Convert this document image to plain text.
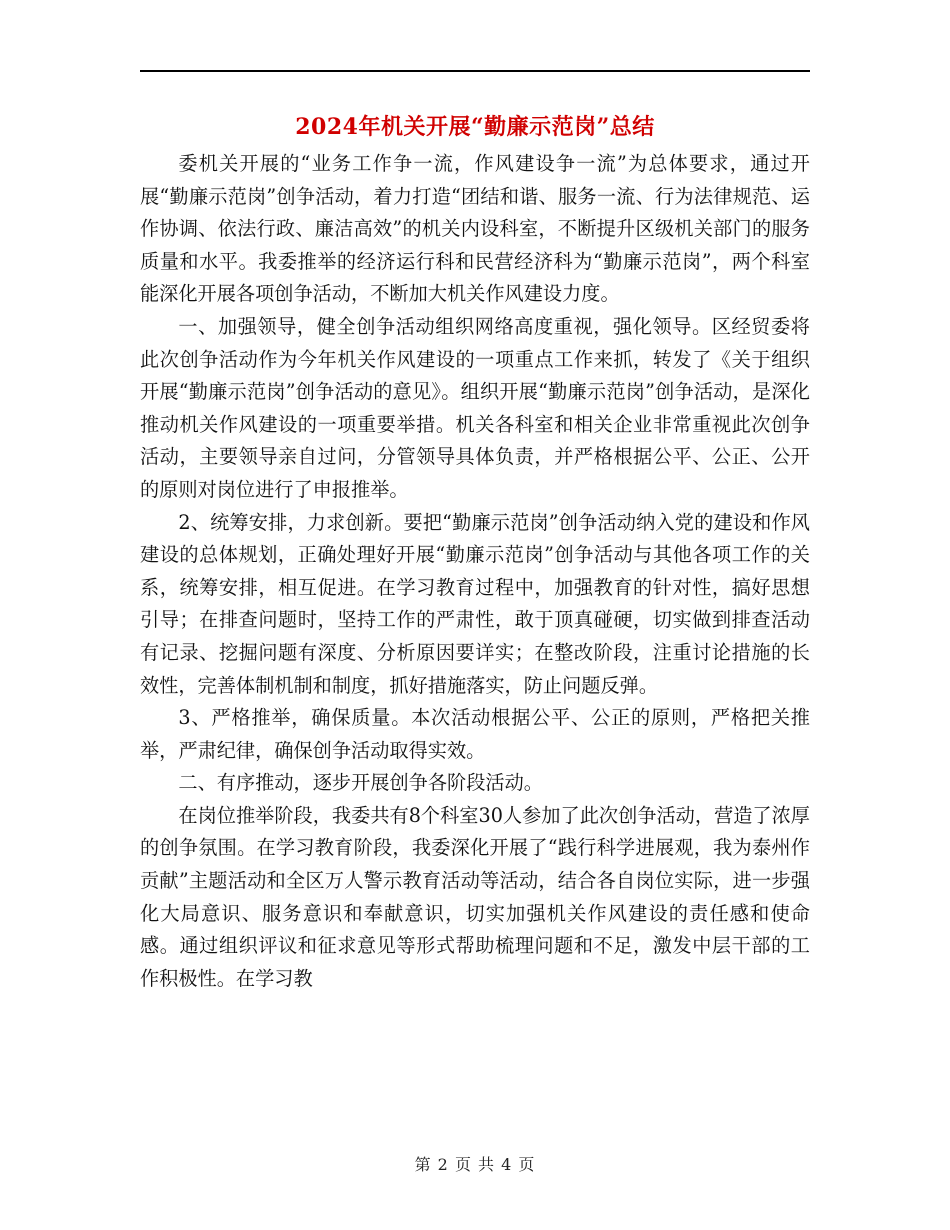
2024年机关开展“勤廉示范岗”总结

委机关开展的“业务工作争一流，作风建设争一流”为总体要求，通过开展“勤廉示范岗”创争活动，着力打造“团结和谐、服务一流、行为法律规范、运作协调、依法行政、廉洁高效”的机关内设科室，不断提升区级机关部门的服务质量和水平。我委推举的经济运行科和民营经济科为“勤廉示范岗”，两个科室能深化开展各项创争活动，不断加大机关作风建设力度。

一、加强领导，健全创争活动组织网络高度重视，强化领导。区经贸委将此次创争活动作为今年机关作风建设的一项重点工作来抓，转发了《关于组织开展“勤廉示范岗”创争活动的意见》。组织开展“勤廉示范岗”创争活动，是深化推动机关作风建设的一项重要举措。机关各科室和相关企业非常重视此次创争活动，主要领导亲自过问，分管领导具体负责，并严格根据公平、公正、公开的原则对岗位进行了申报推举。

2、统筹安排，力求创新。要把“勤廉示范岗”创争活动纳入党的建设和作风建设的总体规划，正确处理好开展“勤廉示范岗”创争活动与其他各项工作的关系，统筹安排，相互促进。在学习教育过程中，加强教育的针对性，搞好思想引导；在排查问题时，坚持工作的严肃性，敢于顶真碰硬，切实做到排查活动有记录、挖掘问题有深度、分析原因要详实；在整改阶段，注重讨论措施的长效性，完善体制机制和制度，抓好措施落实，防止问题反弹。

3、严格推举，确保质量。本次活动根据公平、公正的原则，严格把关推举，严肃纪律，确保创争活动取得实效。

二、有序推动，逐步开展创争各阶段活动。

在岗位推举阶段，我委共有8个科室30人参加了此次创争活动，营造了浓厚的创争氛围。在学习教育阶段，我委深化开展了“践行科学进展观，我为泰州作贡献”主题活动和全区万人警示教育活动等活动，结合各自岗位实际，进一步强化大局意识、服务意识和奉献意识，切实加强机关作风建设的责任感和使命感。通过组织评议和征求意见等形式帮助梳理问题和不足，激发中层干部的工作积极性。在学习教

第 2 页 共 4 页
